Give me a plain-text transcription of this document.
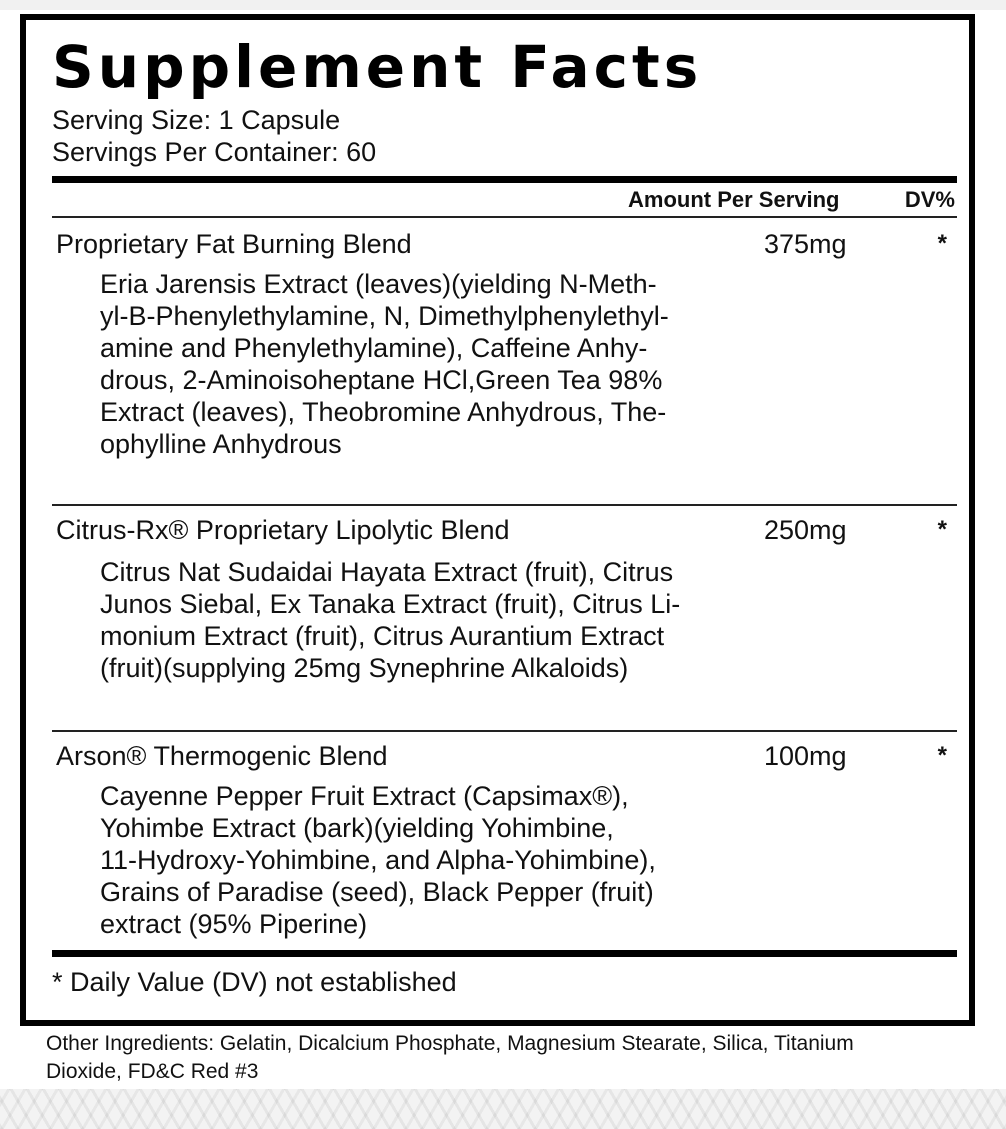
Supplement Facts
Serving Size: 1 Capsule
Servings Per Container: 60
Amount Per Serving	DV%
Proprietary Fat Burning Blend	375mg	*
Eria Jarensis Extract (leaves)(yielding N-Meth-
yl-B-Phenylethylamine, N, Dimethylphenylethyl-
amine and Phenylethylamine), Caffeine Anhy-
drous, 2-Aminoisoheptane HCl,Green Tea 98%
Extract (leaves), Theobromine Anhydrous, The-
ophylline Anhydrous
Citrus-Rx® Proprietary Lipolytic Blend	250mg	*
Citrus Nat Sudaidai Hayata Extract (fruit), Citrus
Junos Siebal, Ex Tanaka Extract (fruit), Citrus Li-
monium Extract (fruit), Citrus Aurantium Extract
(fruit)(supplying 25mg Synephrine Alkaloids)
Arson® Thermogenic Blend	100mg	*
Cayenne Pepper Fruit Extract (Capsimax®),
Yohimbe Extract (bark)(yielding Yohimbine,
11-Hydroxy-Yohimbine, and Alpha-Yohimbine),
Grains of Paradise (seed), Black Pepper (fruit)
extract (95% Piperine)
* Daily Value (DV) not established
Other Ingredients: Gelatin, Dicalcium Phosphate, Magnesium Stearate, Silica, Titanium
Dioxide, FD&C Red #3
